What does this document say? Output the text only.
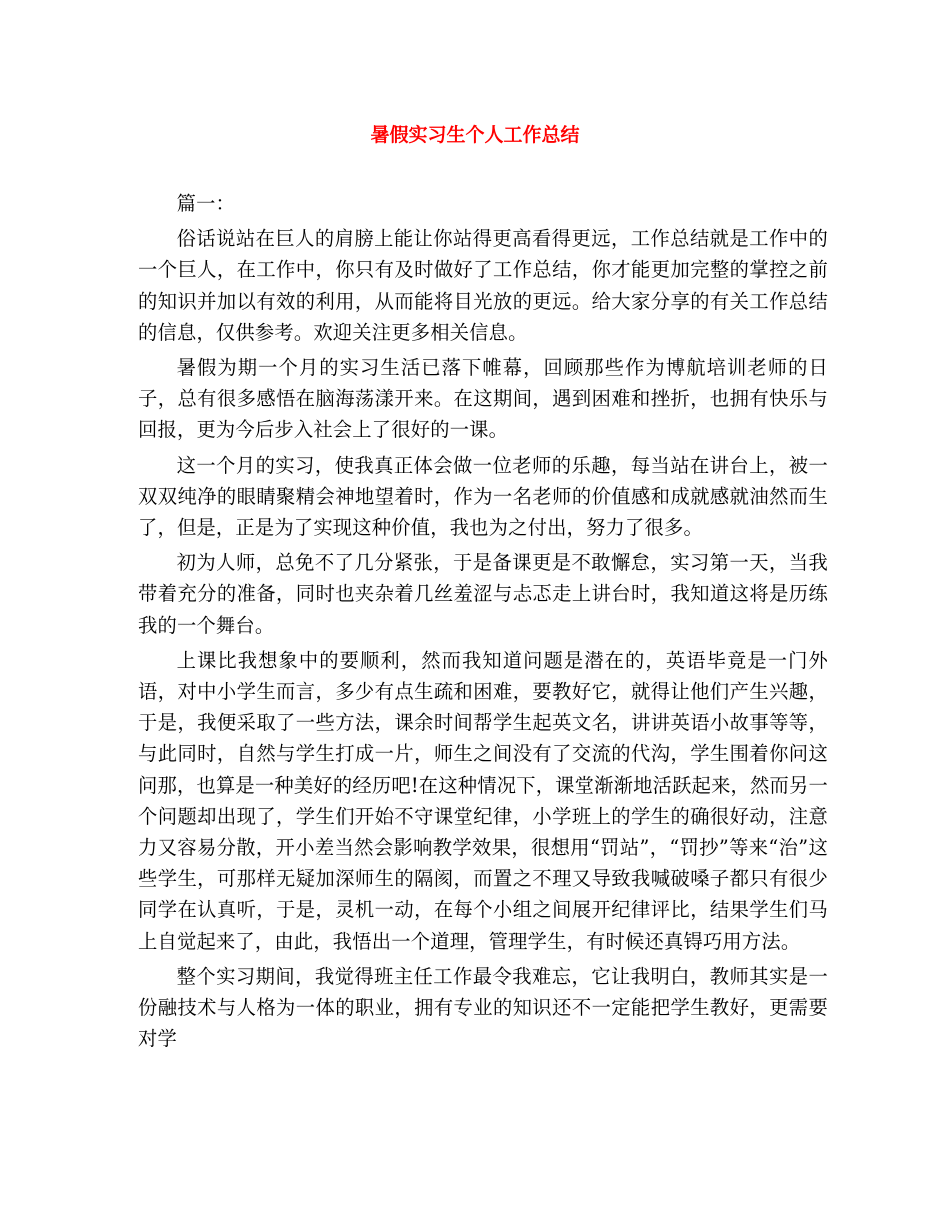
暑假实习生个人工作总结

篇一：

俗话说站在巨人的肩膀上能让你站得更高看得更远，工作总结就是工作中的一个巨人，在工作中，你只有及时做好了工作总结，你才能更加完整的掌控之前的知识并加以有效的利用，从而能将目光放的更远。给大家分享的有关工作总结的信息，仅供参考。欢迎关注更多相关信息。

暑假为期一个月的实习生活已落下帷幕，回顾那些作为博航培训老师的日子，总有很多感悟在脑海荡漾开来。在这期间，遇到困难和挫折，也拥有快乐与回报，更为今后步入社会上了很好的一课。

这一个月的实习，使我真正体会做一位老师的乐趣，每当站在讲台上，被一双双纯净的眼睛聚精会神地望着时，作为一名老师的价值感和成就感就油然而生了，但是，正是为了实现这种价值，我也为之付出，努力了很多。

初为人师，总免不了几分紧张，于是备课更是不敢懈怠，实习第一天，当我带着充分的准备，同时也夹杂着几丝羞涩与忐忑走上讲台时，我知道这将是历练我的一个舞台。

上课比我想象中的要顺利，然而我知道问题是潜在的，英语毕竟是一门外语，对中小学生而言，多少有点生疏和困难，要教好它，就得让他们产生兴趣，于是，我便采取了一些方法，课余时间帮学生起英文名，讲讲英语小故事等等，与此同时，自然与学生打成一片，师生之间没有了交流的代沟，学生围着你问这问那，也算是一种美好的经历吧!在这种情况下，课堂渐渐地活跃起来，然而另一个问题却出现了，学生们开始不守课堂纪律，小学班上的学生的确很好动，注意力又容易分散，开小差当然会影响教学效果，很想用“罚站”，“罚抄”等来“治”这些学生，可那样无疑加深师生的隔阂，而置之不理又导致我喊破嗓子都只有很少同学在认真听，于是，灵机一动，在每个小组之间展开纪律评比，结果学生们马上自觉起来了，由此，我悟出一个道理，管理学生，有时候还真锝巧用方法。

整个实习期间，我觉得班主任工作最令我难忘，它让我明白，教师其实是一份融技术与人格为一体的职业，拥有专业的知识还不一定能把学生教好，更需要对学
